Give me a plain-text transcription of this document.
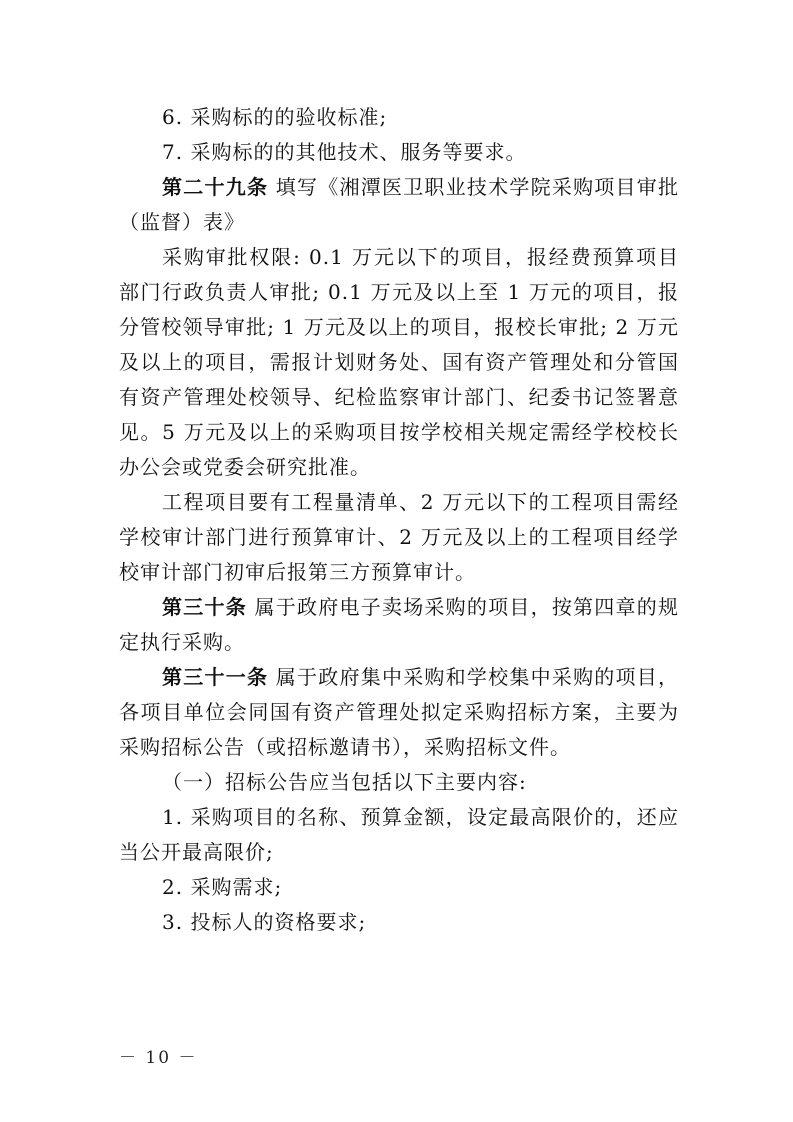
6. 采购标的的验收标准;

7. 采购标的的其他技术、服务等要求。

第二十九条 填写《湘潭医卫职业技术学院采购项目审批（监督）表》

采购审批权限: 0.1 万元以下的项目，报经费预算项目部门行政负责人审批; 0.1 万元及以上至 1 万元的项目，报分管校领导审批; 1 万元及以上的项目，报校长审批; 2 万元及以上的项目，需报计划财务处、国有资产管理处和分管国有资产管理处校领导、纪检监察审计部门、纪委书记签署意见。5 万元及以上的采购项目按学校相关规定需经学校校长办公会或党委会研究批准。

工程项目要有工程量清单、2 万元以下的工程项目需经学校审计部门进行预算审计、2 万元及以上的工程项目经学校审计部门初审后报第三方预算审计。

第三十条 属于政府电子卖场采购的项目，按第四章的规定执行采购。

第三十一条 属于政府集中采购和学校集中采购的项目，各项目单位会同国有资产管理处拟定采购招标方案，主要为采购招标公告（或招标邀请书），采购招标文件。

（一）招标公告应当包括以下主要内容:

1. 采购项目的名称、预算金额，设定最高限价的，还应当公开最高限价;

2. 采购需求;

3. 投标人的资格要求;

－ 10 －
